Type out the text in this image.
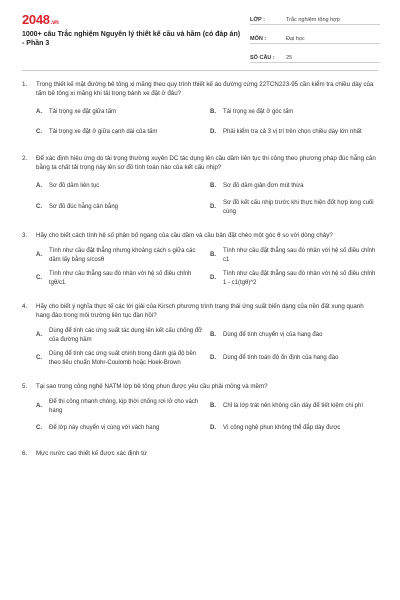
2048.vn
1000+ câu Trắc nghiệm Nguyên lý thiết kế cầu và hầm (có đáp án) - Phần 3
LỚP :	Trắc nghiệm tổng hợp
MÔN :	Đại học
SỐ CÂU :	25
1.	Trong thiết kế mặt đường bê tông xi măng theo quy trình thiết kế áo đường cứng 22TCN223-95 cần kiểm tra chiều dày của tấm bê tông xi măng khi tải trọng bánh xe đặt ở đâu?
A.	Tải trọng xe đặt giữa tấm	B.	Tải trọng xe đặt ở góc tấm
C.	Tải trọng xe đặt ở giữa cạnh dài của tấm	D.	Phải kiểm tra cả 3 vị trí trên chọn chiều dày lớn nhất
2.	Để xác định hiệu ứng do tải trọng thường xuyên DC tác dụng lên cầu dầm liên tục thi công theo phương pháp đúc hẫng cân bằng ta chất tải trọng này lên sơ đồ tính toán nào của kết cấu nhịp?
A.	Sơ đồ dầm liên tục	B.	Sơ đồ dầm giản đơn mút thừa
C.	Sơ đồ đúc hẫng cân bằng	D.
Sơ đồ kết cấu nhịp trước khi thực hiện đốt hợp long cuối cùng
3.	Hãy cho biết cách tính hệ số phân bố ngang của cầu dầm và cầu bản đặt chéo một góc θ so với dòng chảy?
A.
Tính như cầu đặt thẳng nhưng khoảng cách s giữa các dầm lấy bằng s/cosθ
B.
Tính như cầu đặt thẳng sau đó nhân với hệ số điều chỉnh c1
C.
Tính như cầu thẳng sau đó nhân với hệ số điều chỉnh tgθ/c1
D.
Tính như cầu đặt thẳng sau đó nhân với hệ số điều chỉnh 1 - c1(tgθ)^2
4.	Hãy cho biết ý nghĩa thực tế các lời giải của Kirsch phương trình trạng thái ứng suất biến dạng của nền đất xung quanh hang đào trong môi trường liên tục đàn hồi?
A.
Dùng để tính các ứng suất tác dụng lên kết cấu chống đỡ của đường hầm
B.	Dùng để tính chuyển vị của hang đào
C.
Dùng để tính các ứng suất chính trong đánh giá độ bền theo tiêu chuẩn Mohr-Coulomb hoặc Hoek-Brown
D.	Dùng để tính toán độ ổn định của hang đào
5.	Tại sao trong công nghệ NATM lớp bê tông phun được yêu cầu phải mỏng và mềm?
A.
Để thi công nhanh chóng, kịp thời chống rơi lở cho vách hang
B.	Chỉ là lớp trát nên không cần dày để tiết kiệm chi phí
C.	Để lớp này chuyển vị cùng với vách hang	D.	Vì công nghệ phun không thể đắp dày được
6.	Mực nước cao thiết kế được xác định từ
